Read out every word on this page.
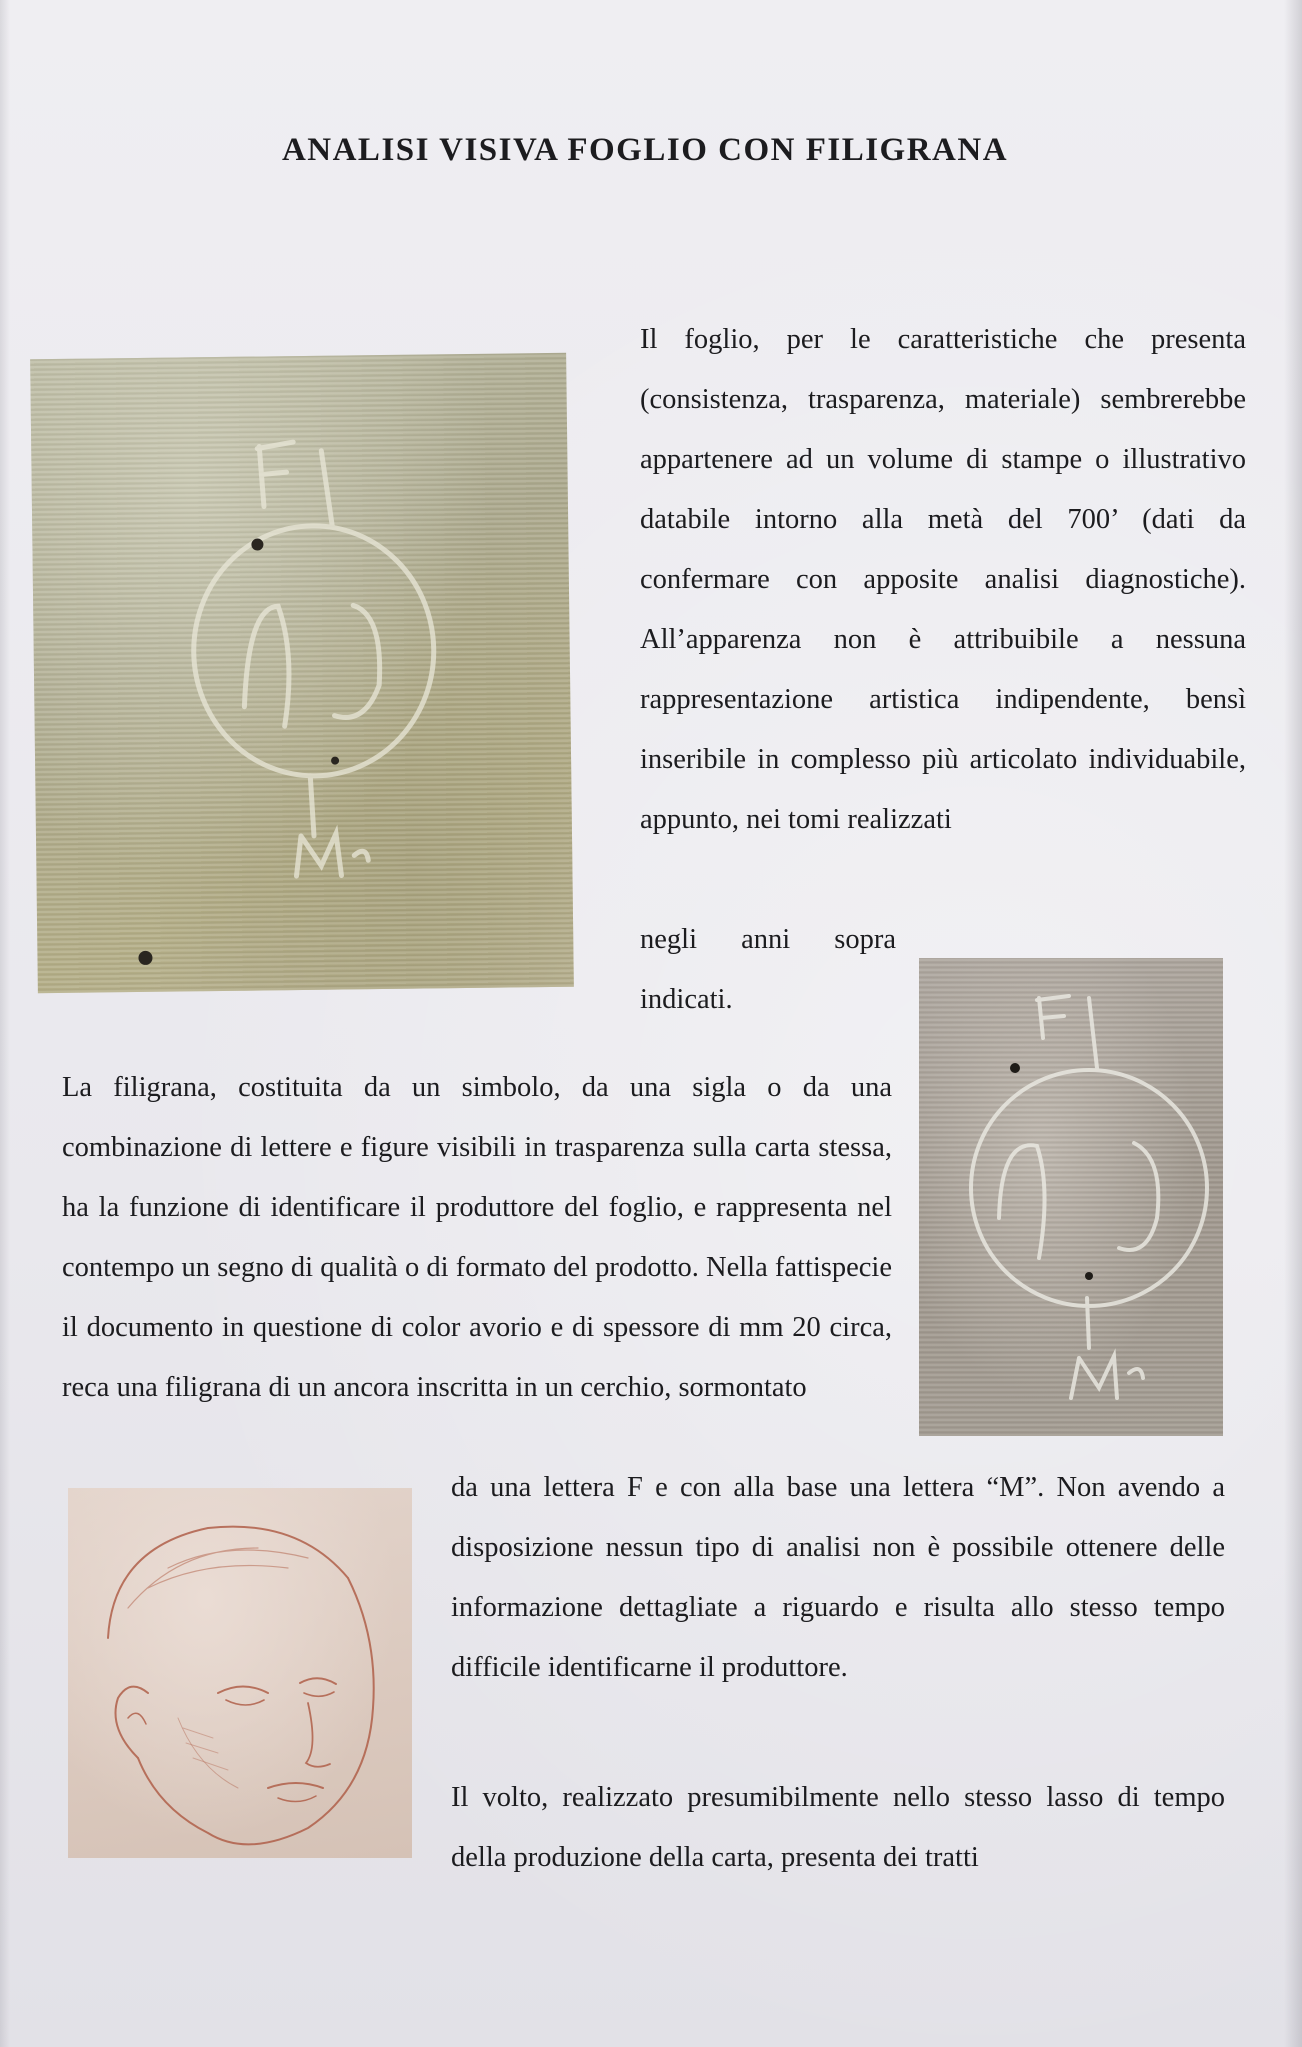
ANALISI VISIVA FOGLIO CON FILIGRANA

Il foglio, per le caratteristiche che presenta (consistenza, trasparenza, materiale) sembrerebbe appartenere ad un volume di stampe o illustrativo databile intorno alla metà del 700’ (dati da confermare con apposite analisi diagnostiche). All’apparenza non è attribuibile a nessuna rappresentazione artistica indipendente, bensì inseribile in complesso più articolato individuabile, appunto, nei tomi realizzati

negli anni sopra indicati.

La filigrana, costituita da un simbolo, da una sigla o da una combinazione di lettere e figure visibili in trasparenza sulla carta stessa, ha la funzione di identificare il produttore del foglio, e rappresenta nel contempo un segno di qualità o di formato del prodotto. Nella fattispecie il documento in questione di color avorio e di spessore di mm 20 circa, reca una filigrana di un ancora inscritta in un cerchio, sormontato

da una lettera F e con alla base una lettera “M”. Non avendo a disposizione nessun tipo di analisi non è possibile ottenere delle informazione dettagliate a riguardo e risulta allo stesso tempo difficile identificarne il produttore.

Il volto, realizzato presumibilmente nello stesso lasso di tempo della produzione della carta, presenta dei tratti
